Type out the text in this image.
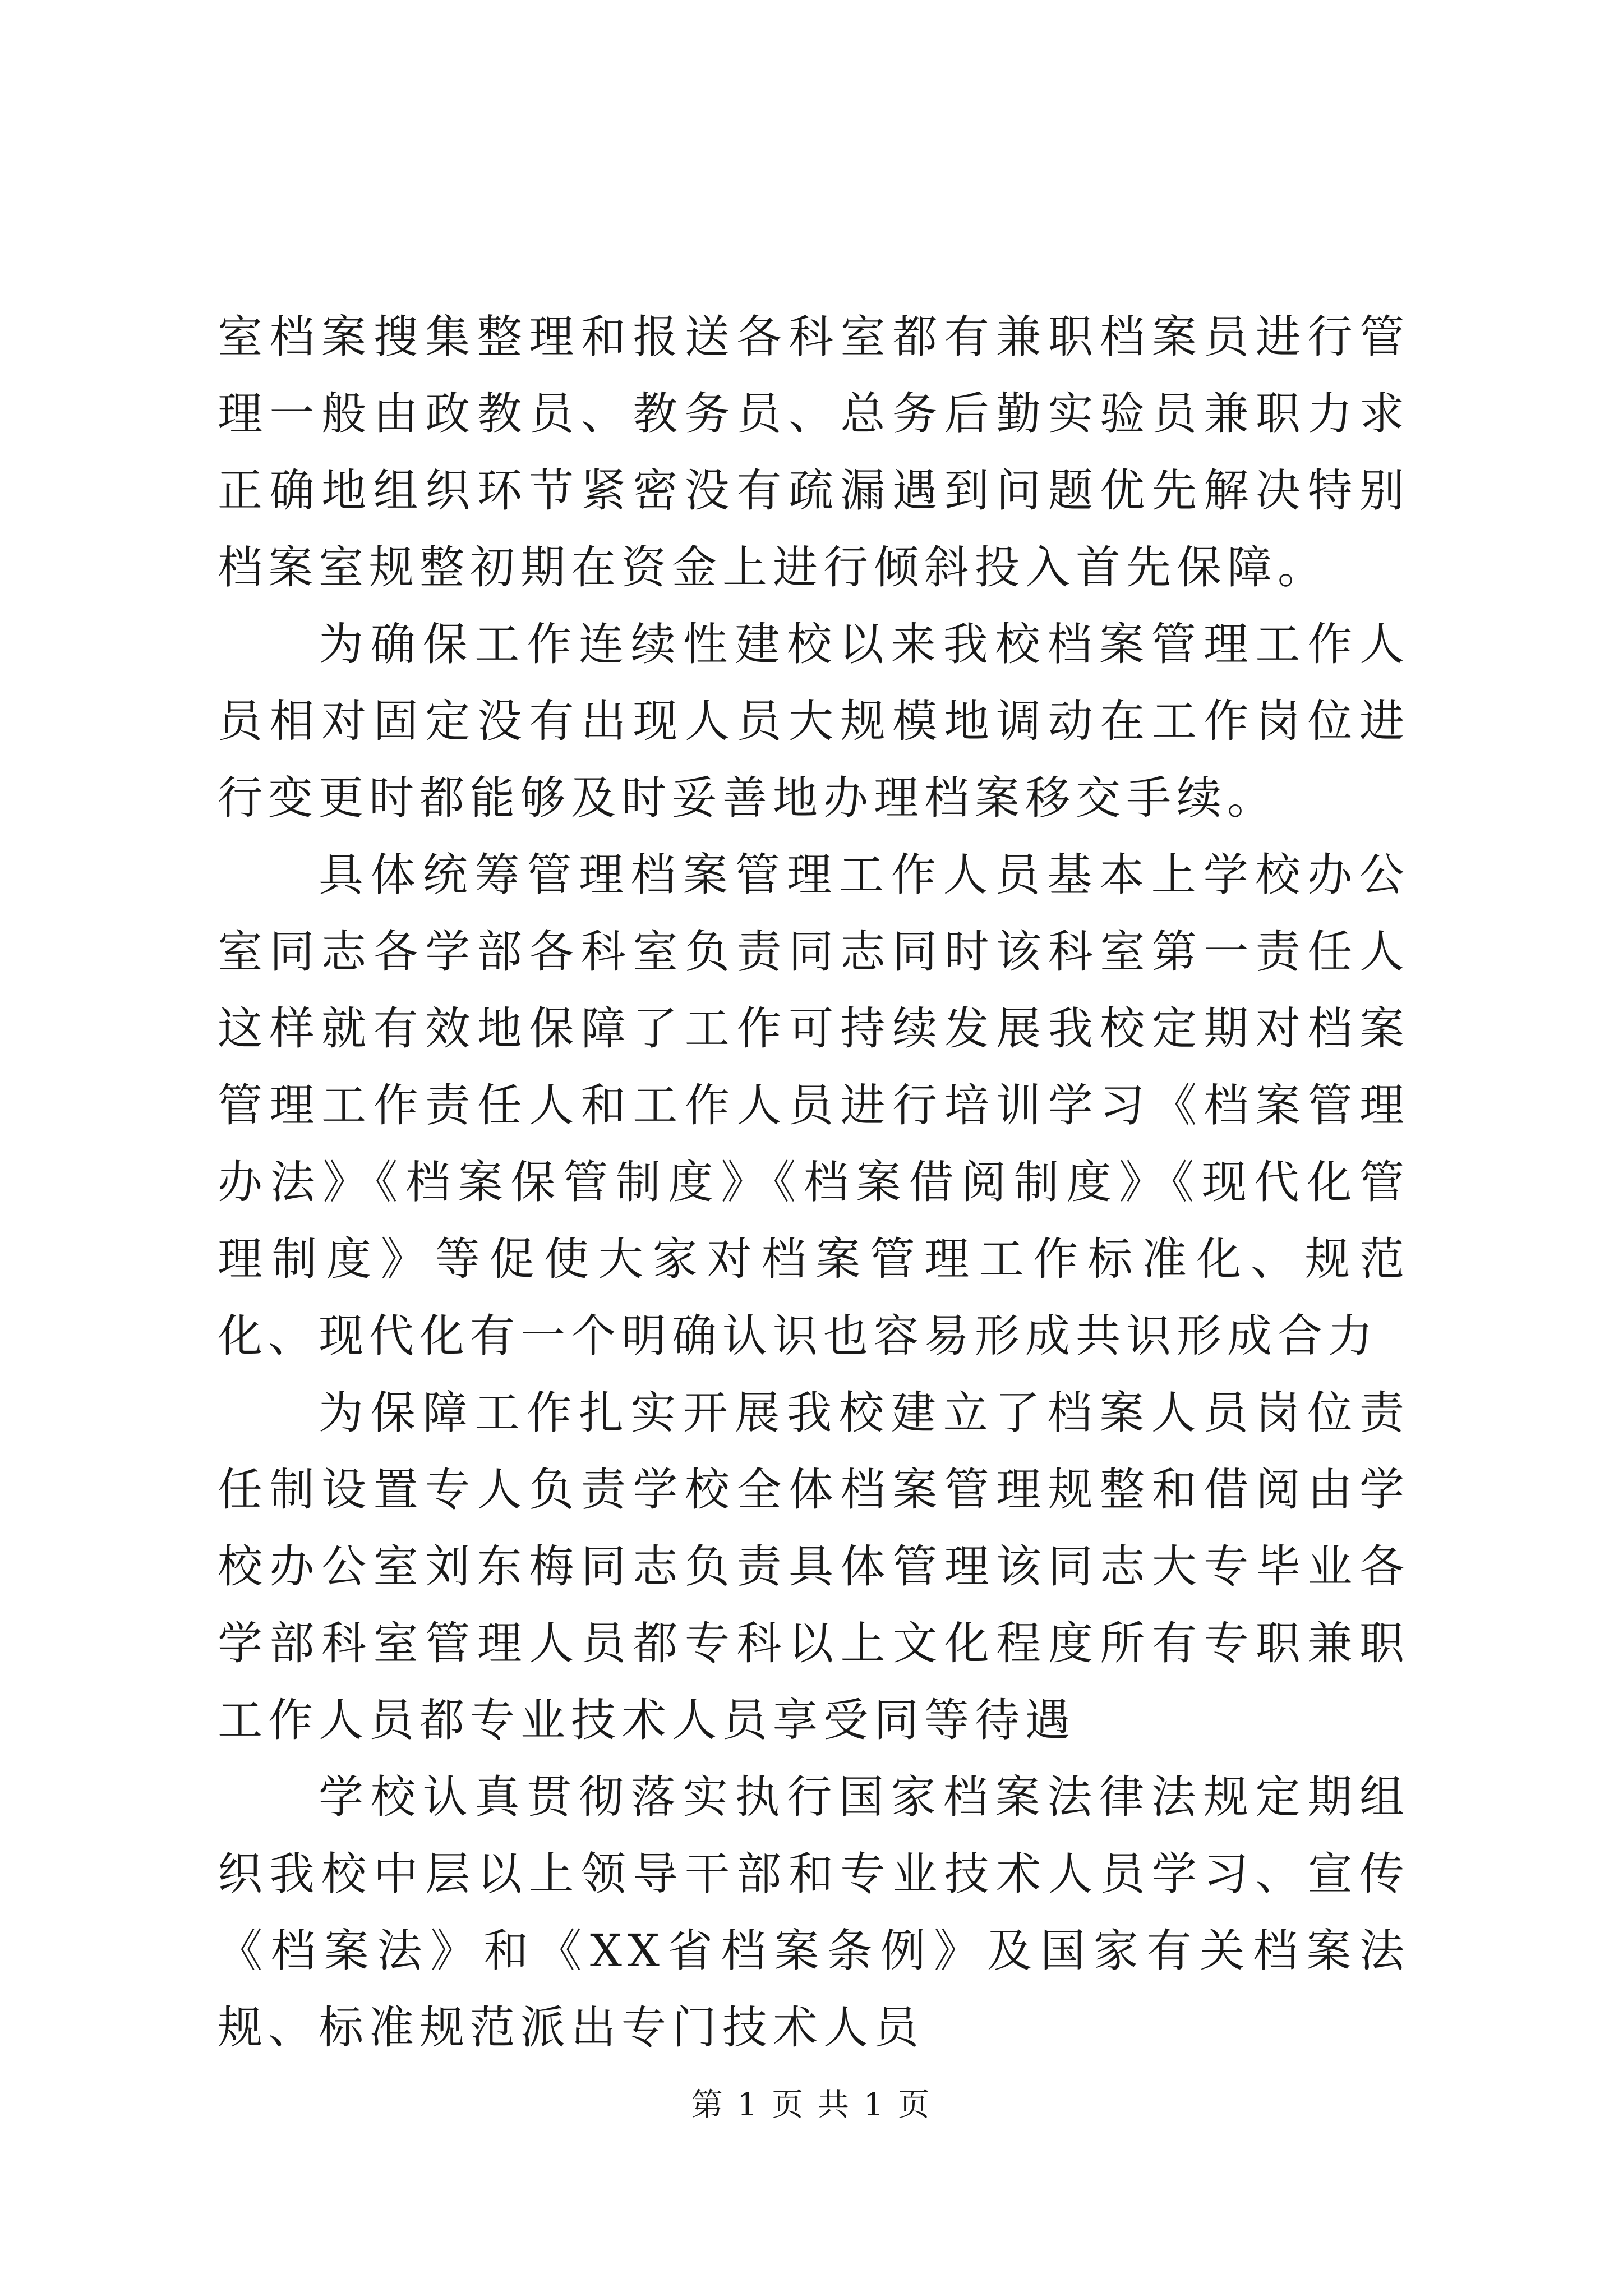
室档案搜集整理和报送各科室都有兼职档案员进行管理一般由政教员、教务员、总务后勤实验员兼职力求正确地组织环节紧密没有疏漏遇到问题优先解决特别档案室规整初期在资金上进行倾斜投入首先保障。

为确保工作连续性建校以来我校档案管理工作人员相对固定没有出现人员大规模地调动在工作岗位进行变更时都能够及时妥善地办理档案移交手续。

具体统筹管理档案管理工作人员基本上学校办公室同志各学部各科室负责同志同时该科室第一责任人这样就有效地保障了工作可持续发展我校定期对档案管理工作责任人和工作人员进行培训学习《档案管理办法》《档案保管制度》《档案借阅制度》《现代化管理制度》等促使大家对档案管理工作标准化、规范化、现代化有一个明确认识也容易形成共识形成合力

为保障工作扎实开展我校建立了档案人员岗位责任制设置专人负责学校全体档案管理规整和借阅由学校办公室刘东梅同志负责具体管理该同志大专毕业各学部科室管理人员都专科以上文化程度所有专职兼职工作人员都专业技术人员享受同等待遇

学校认真贯彻落实执行国家档案法律法规定期组织我校中层以上领导干部和专业技术人员学习、宣传《档案法》和《XX省档案条例》及国家有关档案法规、标准规范派出专门技术人员

第 1 页 共 1 页
